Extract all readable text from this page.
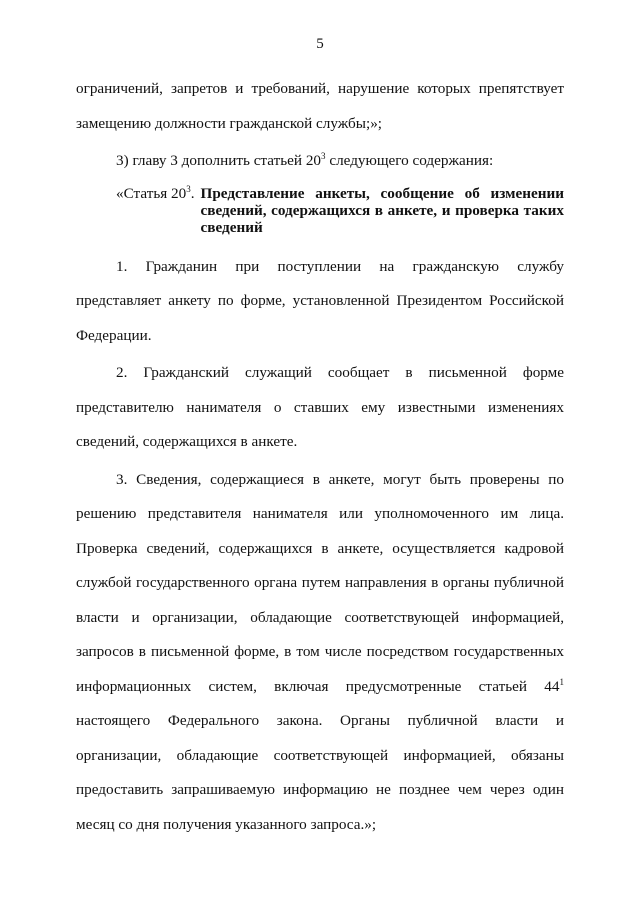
5

ограничений, запретов и требований, нарушение которых препятствует замещению должности гражданской службы;»;

3) главу 3 дополнить статьей $20^3$ следующего содержания:

«Статья $20^3$. Представление анкеты, сообщение об изменении сведений, содержащихся в анкете, и проверка таких сведений

1. Гражданин при поступлении на гражданскую службу представляет анкету по форме, установленной Президентом Российской Федерации.

2. Гражданский служащий сообщает в письменной форме представителю нанимателя о ставших ему известными изменениях сведений, содержащихся в анкете.

3. Сведения, содержащиеся в анкете, могут быть проверены по решению представителя нанимателя или уполномоченного им лица. Проверка сведений, содержащихся в анкете, осуществляется кадровой службой государственного органа путем направления в органы публичной власти и организации, обладающие соответствующей информацией, запросов в письменной форме, в том числе посредством государственных информационных систем, включая предусмотренные статьей $44^1$ настоящего Федерального закона. Органы публичной власти и организации, обладающие соответствующей информацией, обязаны предоставить запрашиваемую информацию не позднее чем через один месяц со дня получения указанного запроса.»;
